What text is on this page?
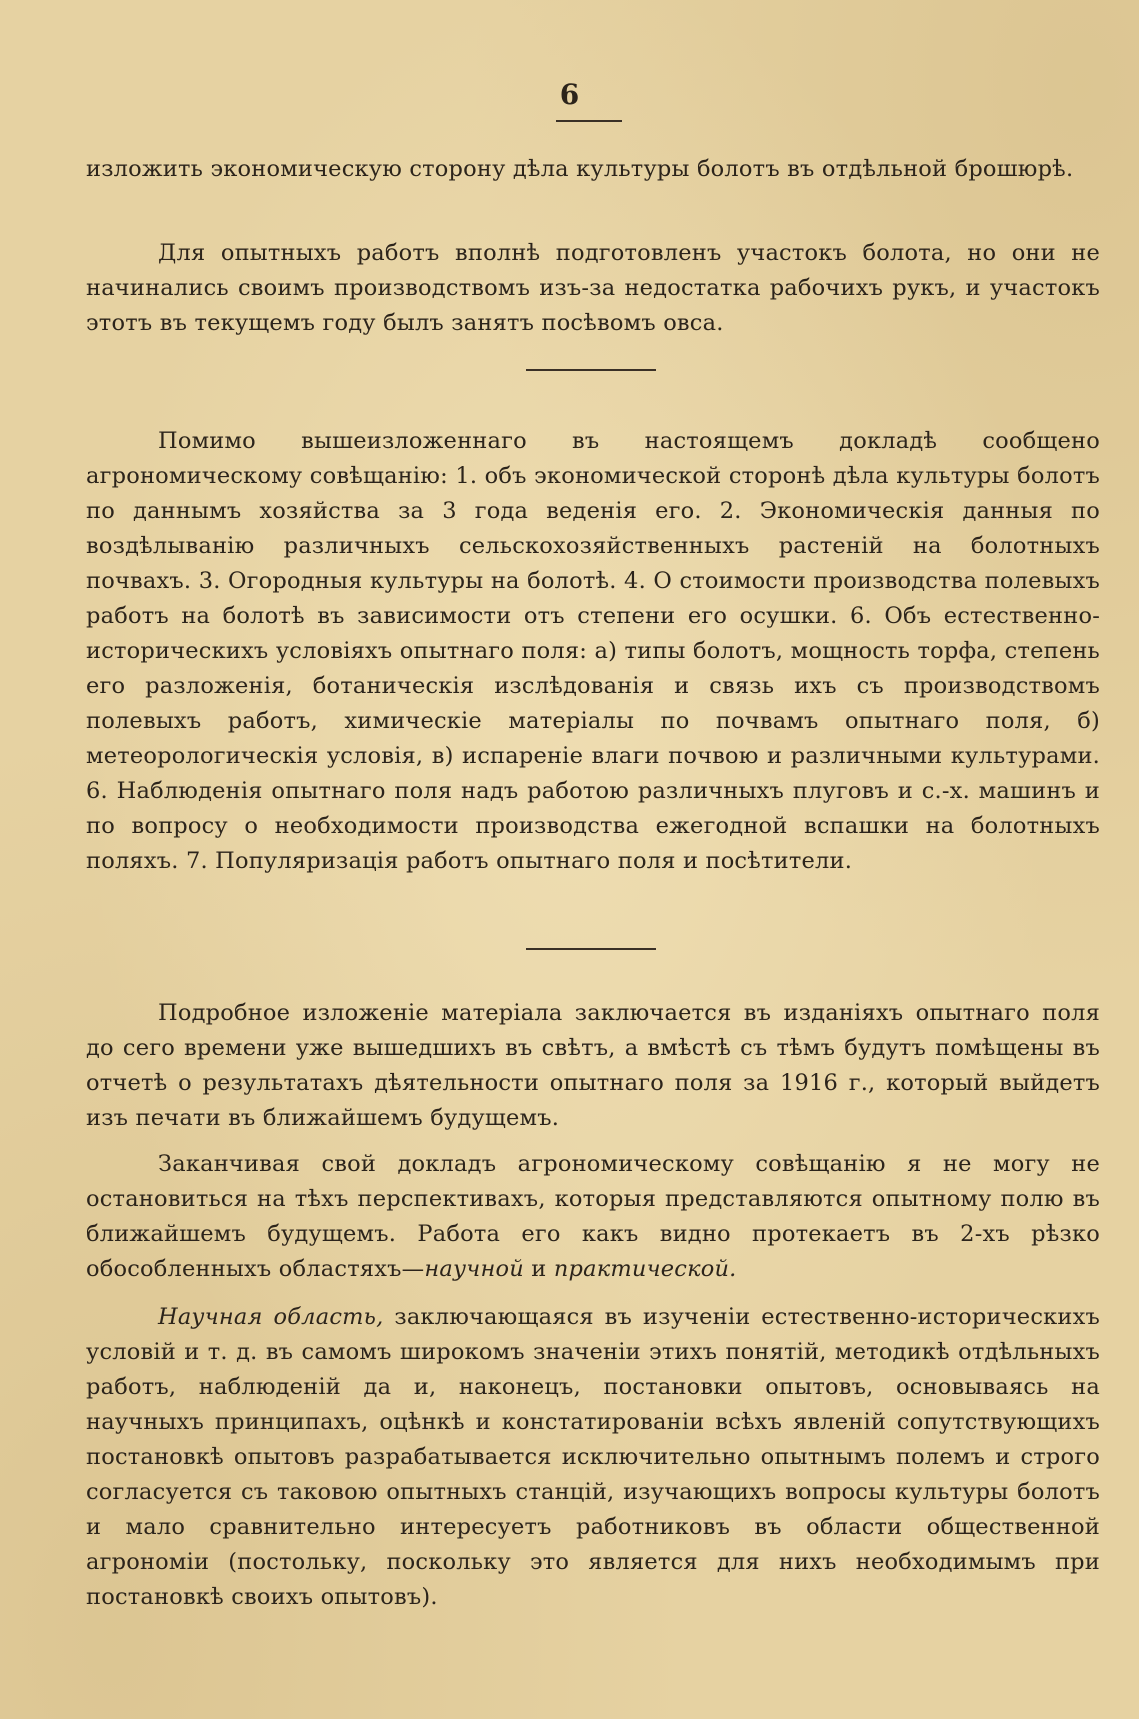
6

изложить экономическую сторону дѣла культуры болотъ въ отдѣльной брошюрѣ.

Для опытныхъ работъ вполнѣ подготовленъ участокъ болота, но они не начинались своимъ производствомъ изъ-за недостатка рабочихъ рукъ, и участокъ этотъ въ текущемъ году былъ занятъ посѣвомъ овса.

Помимо вышеизложеннаго въ настоящемъ докладѣ сообщено агрономическому совѣщанію: 1. объ экономической сторонѣ дѣла культуры болотъ по даннымъ хозяйства за 3 года веденія его. 2. Экономическія данныя по воздѣлыванію различныхъ сельскохозяйственныхъ растеній на болотныхъ почвахъ. 3. Огородныя культуры на болотѣ. 4. О стоимости производства полевыхъ работъ на болотѣ въ зависимости отъ степени его осушки. 6. Объ естественно-историческихъ условіяхъ опытнаго поля: а) типы болотъ, мощность торфа, степень его разложенія, ботаническія изслѣдованія и связь ихъ съ производствомъ полевыхъ работъ, химическіе матеріалы по почвамъ опытнаго поля, б) метеорологическія условія, в) испареніе влаги почвою и различными культурами. 6. Наблюденія опытнаго поля надъ работою различныхъ плуговъ и с.-х. машинъ и по вопросу о необходимости производства ежегодной вспашки на болотныхъ поляхъ. 7. Популяризація работъ опытнаго поля и посѣтители.

Подробное изложеніе матеріала заключается въ изданіяхъ опытнаго поля до сего времени уже вышедшихъ въ свѣтъ, а вмѣстѣ съ тѣмъ будутъ помѣщены въ отчетѣ о результатахъ дѣятельности опытнаго поля за 1916 г., который выйдетъ изъ печати въ ближайшемъ будущемъ.

Заканчивая свой докладъ агрономическому совѣщанію я не могу не остановиться на тѣхъ перспективахъ, которыя представляются опытному полю въ ближайшемъ будущемъ. Работа его какъ видно протекаетъ въ 2-хъ рѣзко обособленныхъ областяхъ—научной и практической.

Научная область, заключающаяся въ изученіи естественно-историческихъ условій и т. д. въ самомъ широкомъ значеніи этихъ понятій, методикѣ отдѣльныхъ работъ, наблюденій да и, наконецъ, постановки опытовъ, основываясь на научныхъ принципахъ, оцѣнкѣ и констатированіи всѣхъ явленій сопутствующихъ постановкѣ опытовъ разрабатывается исключительно опытнымъ полемъ и строго согласуется съ таковою опытныхъ станцій, изучающихъ вопросы культуры болотъ и мало сравнительно интересуетъ работниковъ въ области общественной агрономіи (постольку, поскольку это является для нихъ необходимымъ при постановкѣ своихъ опытовъ).
